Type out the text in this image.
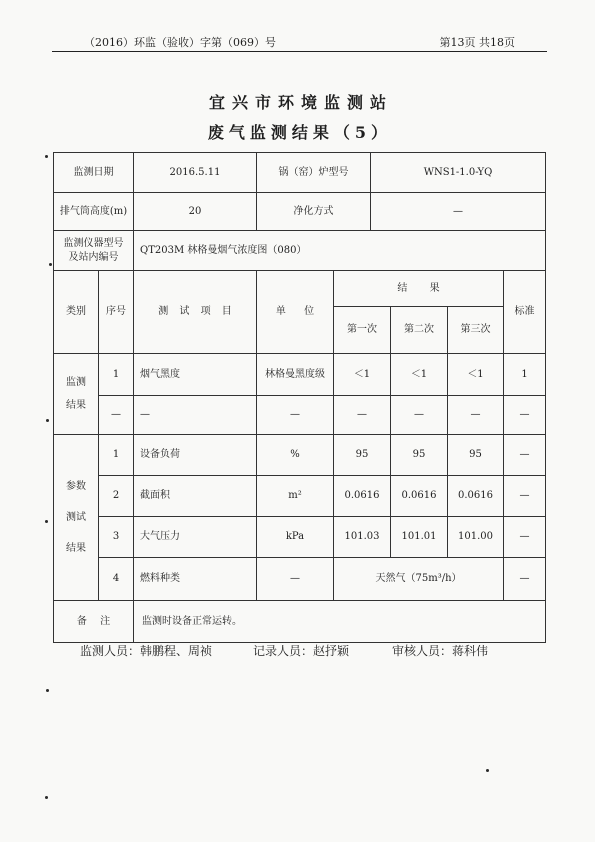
（2016）环监（验收）字第（069）号	第13页 共18页
宜兴市环境监测站
废气监测结果（5）
监测日期	2016.5.11	锅（窑）炉型号	WNS1-1.0-YQ
排气筒高度(m)	20	净化方式	—

监测仪器型号
及站内编号	QT203M 林格曼烟气浓度图（080）		
类别	序号	测 试 项 目	单 位	结 果			标准
				第一次	第二次	第三次	

监测
结果	1	烟气黑度	林格曼黑度级	＜1	＜1	＜1	1
	—	—	—	—	—	—	—

参数
测试
结果	1	设备负荷	%	95	95	95	—
	2	截面积	m²	0.0616	0.0616	0.0616	—
	3	大气压力	kPa	101.03	101.01	101.00	—
	4	燃料种类	—	天然气（75m³/h）			—
备 注		监测时设备正常运转。					
监测人员：韩鹏程、周祯	记录人员：赵抒颖	审核人员：蒋科伟
